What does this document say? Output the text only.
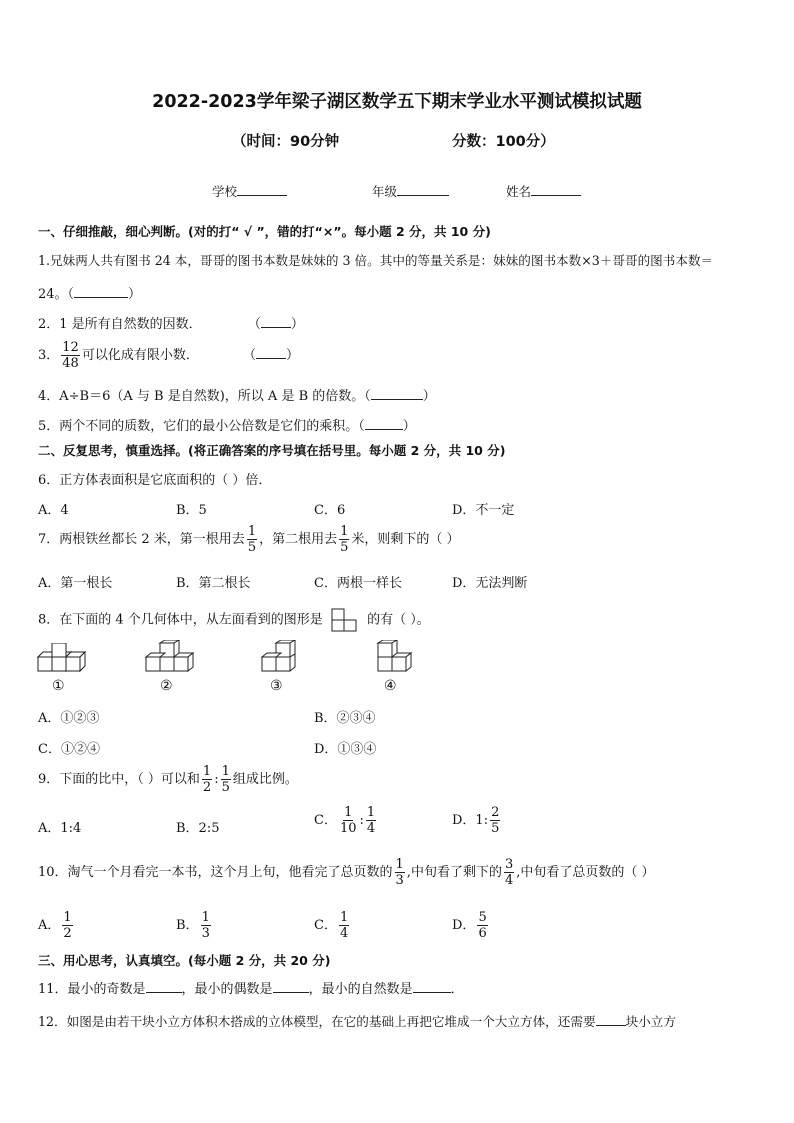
2022-2023学年梁子湖区数学五下期末学业水平测试模拟试题
（时间：90分钟	分数：100分）
学校	年级	姓名
一、仔细推敲，细心判断。(对的打“ √ ”，错的打“×”。每小题 2 分，共 10 分)
1.兄妹两人共有图书 24 本，哥哥的图书本数是妹妹的 3 倍。其中的等量关系是：妹妹的图书本数×3＋哥哥的图书本数＝
24。（	）
2．1 是所有自然数的因数．	（ ）
3． $\frac{12}{48}$ 可以化成有限小数．	（ ）
4．A÷B＝6（A 与 B 是自然数)，所以 A 是 B 的倍数。（	）
5．两个不同的质数，它们的最小公倍数是它们的乘积。（	）
二、反复思考，慎重选择。(将正确答案的序号填在括号里。每小题 2 分，共 10 分)
6．正方体表面积是它底面积的（ ）倍．
A．4	B．5	C．6	D．不一定
7．两根铁丝都长 2 米，第一根用去 $\frac{1}{5}$ ，第二根用去 $\frac{1}{5}$ 米，则剩下的（ ）
A．第一根长	B．第二根长	C．两根一样长	D．无法判断
8．在下面的 4 个几何体中，从左面看到的图形是	的有（ ）。
①	②	③	④
A．①②③	B．②③④
C．①②④	D．①③④
9．下面的比中，（ ）可以和 $\frac{1}{2}$ : $\frac{1}{5}$ 组成比例。
A．1:4	B．2:5
C． $\frac{1}{10}$ : $\frac{1}{4}$	D．1: $\frac{2}{5}$
10．淘气一个月看完一本书，这个月上旬，他看完了总页数的 $\frac{1}{3}$ ,中旬看了剩下的 $\frac{3}{4}$ ,中旬看了总页数的（ ）
A． $\frac{1}{2}$	B． $\frac{1}{3}$	C． $\frac{1}{4}$	D． $\frac{5}{6}$
三、用心思考，认真填空。(每小题 2 分，共 20 分)
11．最小的奇数是	，最小的偶数是	，最小的自然数是	．
12．如图是由若干块小立方体积木搭成的立体模型，在它的基础上再把它堆成一个大立方体，还需要 块小立方
